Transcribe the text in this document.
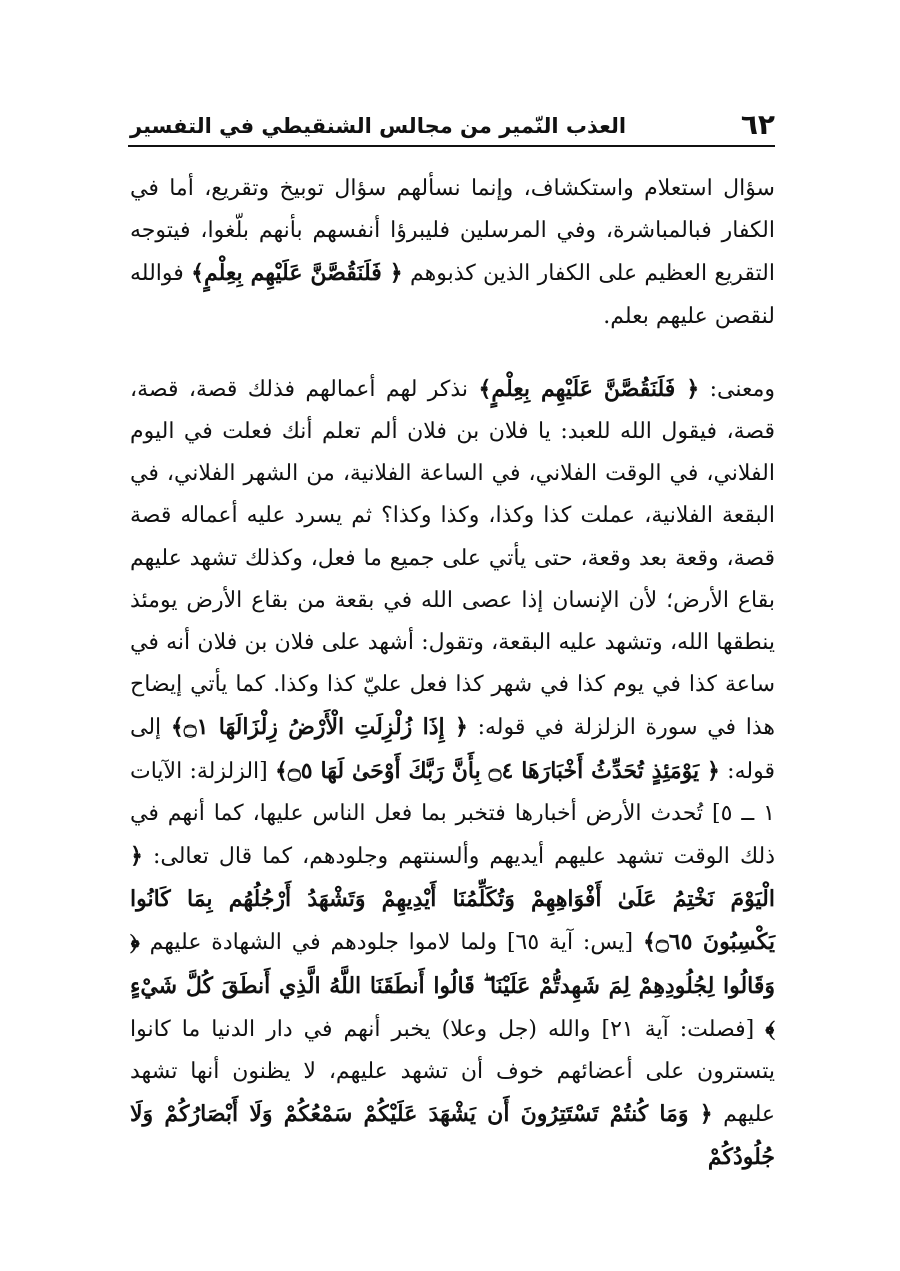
٦٢
العذب النّمير من مجالس الشنقيطي في التفسير

سؤال استعلام واستكشاف، وإنما نسألهم سؤال توبيخ وتقريع، أما في الكفار فبالمباشرة، وفي المرسلين فليبرؤا أنفسهم بأنهم بلّغوا، فيتوجه التقريع العظيم على الكفار الذين كذبوهم ﴿ فَلَنَقُصَّنَّ عَلَيْهِم بِعِلْمٍ﴾ فوالله لنقصن عليهم بعلم.

ومعنى: ﴿ فَلَنَقُصَّنَّ عَلَيْهِم بِعِلْمٍ﴾ نذكر لهم أعمالهم فذلك قصة، قصة، قصة، فيقول الله للعبد: يا فلان بن فلان ألم تعلم أنك فعلت في اليوم الفلاني، في الوقت الفلاني، في الساعة الفلانية، من الشهر الفلاني، في البقعة الفلانية، عملت كذا وكذا، وكذا وكذا؟ ثم يسرد عليه أعماله قصة قصة، وقعة بعد وقعة، حتى يأتي على جميع ما فعل، وكذلك تشهد عليهم بقاع الأرض؛ لأن الإنسان إذا عصى الله في بقعة من بقاع الأرض يومئذ ينطقها الله، وتشهد عليه البقعة، وتقول: أشهد على فلان بن فلان أنه في ساعة كذا في يوم كذا في شهر كذا فعل عليّ كذا وكذا. كما يأتي إيضاح هذا في سورة الزلزلة في قوله: ﴿ إِذَا زُلْزِلَتِ الْأَرْضُ زِلْزَالَهَا ۝١﴾ إلى قوله: ﴿ يَوْمَئِذٍ تُحَدِّثُ أَخْبَارَهَا ۝٤ بِأَنَّ رَبَّكَ أَوْحَىٰ لَهَا ۝٥﴾ [الزلزلة: الآيات ١ ــ ٥] تُحدث الأرض أخبارها فتخبر بما فعل الناس عليها، كما أنهم في ذلك الوقت تشهد عليهم أيديهم وألسنتهم وجلودهم، كما قال تعالى: ﴿ الْيَوْمَ نَخْتِمُ عَلَىٰ أَفْوَاهِهِمْ وَتُكَلِّمُنَا أَيْدِيهِمْ وَتَشْهَدُ أَرْجُلُهُم بِمَا كَانُوا يَكْسِبُونَ ۝٦٥﴾ [يس: آية ٦٥] ولما لاموا جلودهم في الشهادة عليهم ﴿ وَقَالُوا لِجُلُودِهِمْ لِمَ شَهِدتُّمْ عَلَيْنَا ۖ قَالُوا أَنطَقَنَا اللَّهُ الَّذِي أَنطَقَ كُلَّ شَيْءٍ ﴾ [فصلت: آية ٢١] والله (جل وعلا) يخبر أنهم في دار الدنيا ما كانوا يتسترون على أعضائهم خوف أن تشهد عليهم، لا يظنون أنها تشهد عليهم ﴿ وَمَا كُنتُمْ تَسْتَتِرُونَ أَن يَشْهَدَ عَلَيْكُمْ سَمْعُكُمْ وَلَا أَبْصَارُكُمْ وَلَا جُلُودُكُمْ
